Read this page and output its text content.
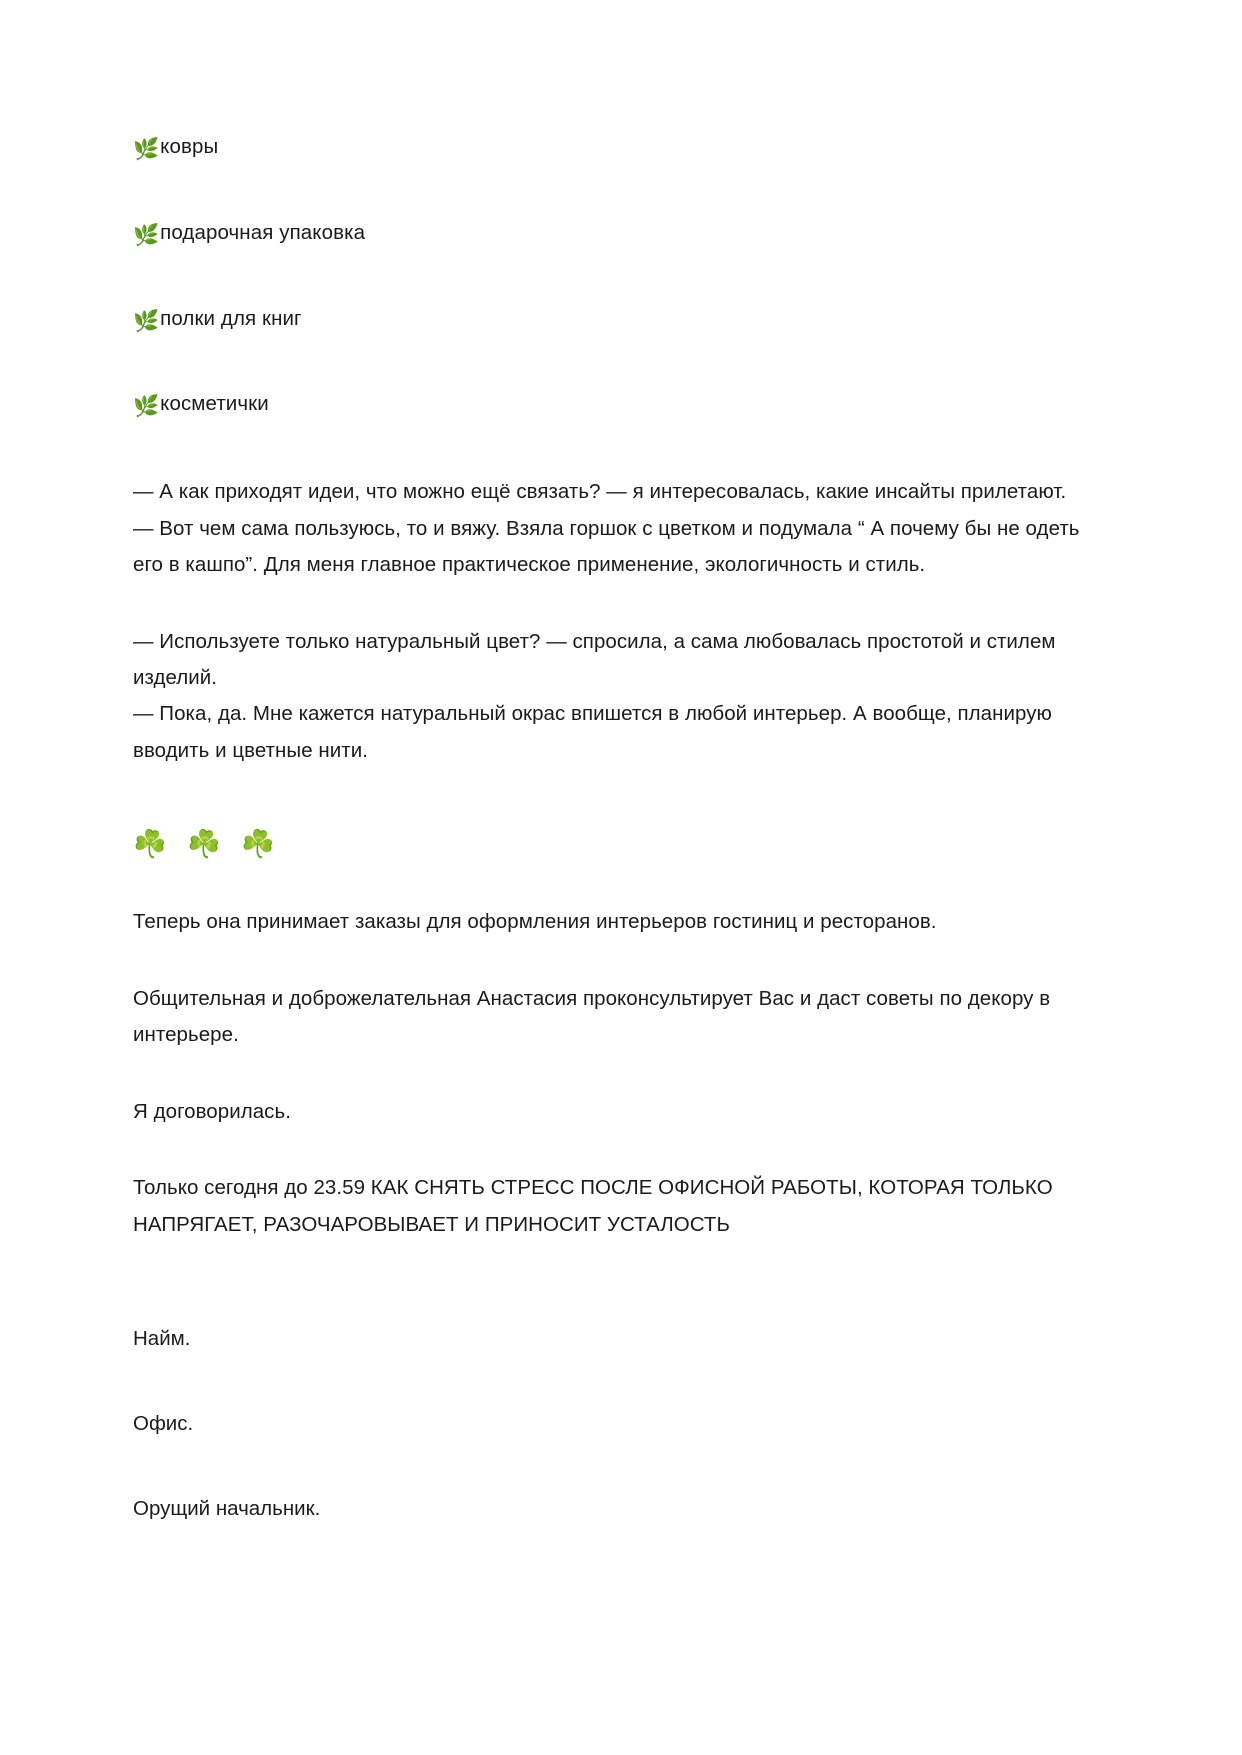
🌿ковры
🌿подарочная упаковка
🌿полки для книг
🌿косметички

— А как приходят идеи, что можно ещё связать? — я интересовалась, какие инсайты прилетают.

— Вот чем сама пользуюсь, то и вяжу. Взяла горшок с цветком и подумала “ А почему бы не одеть его в кашпо”. Для меня главное практическое применение, экологичность и стиль.

— Используете только натуральный цвет? — спросила, а сама любовалась простотой и стилем изделий.

— Пока, да. Мне кажется натуральный окрас впишется в любой интерьер. А вообще, планирую вводить и цветные нити.

☘️ ☘️ ☘️

Теперь она принимает заказы для оформления интерьеров гостиниц и ресторанов.

Общительная и доброжелательная Анастасия проконсультирует Вас и даст советы по декору в интерьере.

Я договорилась.

Только сегодня до 23.59 КАК СНЯТЬ СТРЕСС ПОСЛЕ ОФИСНОЙ РАБОТЫ, КОТОРАЯ ТОЛЬКО НАПРЯГАЕТ, РАЗОЧАРОВЫВАЕТ И ПРИНОСИТ УСТАЛОСТЬ

Найм.

Офис.

Орущий начальник.
